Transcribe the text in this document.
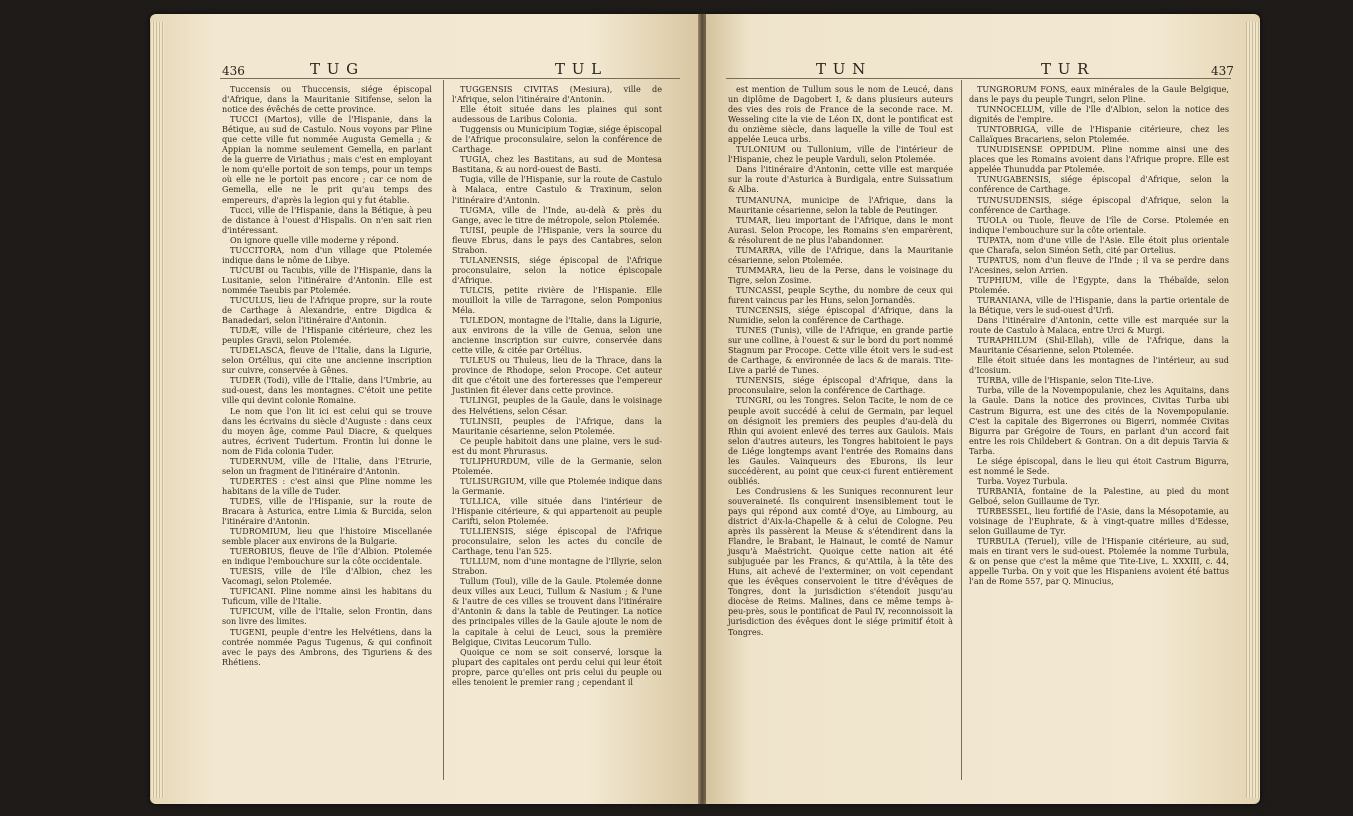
436	T U G	T U L

Tuccensis ou Thuccensis, siége épiscopal d'Afrique, dans la Mauritanie Sitifense, selon la notice des évêchés de cette province.

TUCCI (Martos), ville de l'Hispanie, dans la Bétique, au sud de Castulo. Nous voyons par Pline que cette ville fut nommée Augusta Gemella ; & Appian la nomme seulement Gemella, en parlant de la guerre de Viriathus ; mais c'est en employant le nom qu'elle portoit de son temps, pour un temps où elle ne le portoit pas encore ; car ce nom de Gemella, elle ne le prit qu'au temps des empereurs, d'après la legion qui y fut établie.

Tucci, ville de l'Hispanie, dans la Bétique, à peu de distance à l'ouest d'Hispalis. On n'en sait rien d'intéressant.

On ignore quelle ville moderne y répond.

TUCCITORA, nom d'un village que Ptolemée indique dans le nôme de Libye.

TUCUBI ou Tacubis, ville de l'Hispanie, dans la Lusitanie, selon l'itinéraire d'Antonin. Elle est nommée Taeubis par Ptolemée.

TUCULUS, lieu de l'Afrique propre, sur la route de Carthage à Alexandrie, entre Digdica & Banadedari, selon l'itinéraire d'Antonin.

TUDÆ, ville de l'Hispanie citérieure, chez les peuples Gravii, selon Ptolemée.

TUDELASCA, fleuve de l'Italie, dans la Ligurie, selon Ortélius, qui cite une ancienne inscription sur cuivre, conservée à Gênes.

TUDER (Todi), ville de l'Italie, dans l'Umbrie, au sud-ouest, dans les montagnes. C'étoit une petite ville qui devint colonie Romaine.

Le nom que l'on lit ici est celui qui se trouve dans les écrivains du siècle d'Auguste : dans ceux du moyen âge, comme Paul Diacre, & quelques autres, écrivent Tudertum. Frontin lui donne le nom de Fida colonia Tuder.

TUDERNUM, ville de l'Italie, dans l'Etrurie, selon un fragment de l'itinéraire d'Antonin.

TUDERTES : c'est ainsi que Pline nomme les habitans de la ville de Tuder.

TUDES, ville de l'Hispanie, sur la route de Bracara à Asturica, entre Limia & Burcida, selon l'itinéraire d'Antonin.

TUDROMIUM, lieu que l'histoire Miscellanée semble placer aux environs de la Bulgarie.

TUEROBIUS, fleuve de l'île d'Albion. Ptolemée en indique l'embouchure sur la côte occidentale.

TUESIS, ville de l'île d'Albion, chez les Vacomagi, selon Ptolemée.

TUFICANI. Pline nomme ainsi les habitans du Tuficum, ville de l'Italie.

TUFICUM, ville de l'Italie, selon Frontin, dans son livre des limites.

TUGENI, peuple d'entre les Helvétiens, dans la contrée nommée Pagus Tugenus, & qui confinoit avec le pays des Ambrons, des Tiguriens & des Rhétiens.

TUGGENSIS CIVITAS (Mesiura), ville de l'Afrique, selon l'itinéraire d'Antonin.

Elle étoit située dans les plaines qui sont audessous de Laribus Colonia.

Tuggensis ou Municipium Togiæ, siége épiscopal de l'Afrique proconsulaire, selon la conférence de Carthage.

TUGIA, chez les Bastitans, au sud de Montesa Bastitana, & au nord-ouest de Basti.

Tugia, ville de l'Hispanie, sur la route de Castulo à Malaca, entre Castulo & Traxinum, selon l'itinéraire d'Antonin.

TUGMA, ville de l'Inde, au-delà & près du Gange, avec le titre de métropole, selon Ptolemée.

TUISI, peuple de l'Hispanie, vers la source du fleuve Ebrus, dans le pays des Cantabres, selon Strabon.

TULANENSIS, siége épiscopal de l'Afrique proconsulaire, selon la notice épiscopale d'Afrique.

TULCIS, petite rivière de l'Hispanie. Elle mouilloit la ville de Tarragone, selon Pomponius Méla.

TULEDON, montagne de l'Italie, dans la Ligurie, aux environs de la ville de Genua, selon une ancienne inscription sur cuivre, conservée dans cette ville, & citée par Ortélius.

TULEUS ou Thuleus, lieu de la Thrace, dans la province de Rhodope, selon Procope. Cet auteur dit que c'étoit une des forteresses que l'empereur Justinien fit élever dans cette province.

TULINGI, peuples de la Gaule, dans le voisinage des Helvétiens, selon César.

TULINSII, peuples de l'Afrique, dans la Mauritanie césarienne, selon Ptolemée.

Ce peuple habitoit dans une plaine, vers le sud-est du mont Phrurasus.

TULIPHURDUM, ville de la Germanie, selon Ptolemée.

TULISURGIUM, ville que Ptolemée indique dans la Germanie.

TULLICA, ville située dans l'intérieur de l'Hispanie citérieure, & qui appartenoit au peuple Carifti, selon Ptolemée.

TULLIENSIS, siége épiscopal de l'Afrique proconsulaire, selon les actes du concile de Carthage, tenu l'an 525.

TULLUM, nom d'une montagne de l'Illyrie, selon Strabon.

Tullum (Toul), ville de la Gaule. Ptolemée donne deux villes aux Leuci, Tullum & Nasium ; & l'une & l'autre de ces villes se trouvent dans l'itinéraire d'Antonin & dans la table de Peutinger. La notice des principales villes de la Gaule ajoute le nom de la capitale à celui de Leuci, sous la première Belgique, Civitas Leucorum Tullo.

Quoique ce nom se soit conservé, lorsque la plupart des capitales ont perdu celui qui leur étoit propre, parce qu'elles ont pris celui du peuple ou elles tenoient le premier rang ; cependant il

T U N	T U R	437

est mention de Tullum sous le nom de Leucé, dans un diplôme de Dagobert I, & dans plusieurs auteurs des vies des rois de France de la seconde race. M. Wesseling cite la vie de Léon IX, dont le pontificat est du onzième siècle, dans laquelle la ville de Toul est appelée Leuca urbs.

TULONIUM ou Tullonium, ville de l'intérieur de l'Hispanie, chez le peuple Varduli, selon Ptolemée.

Dans l'itinéraire d'Antonin, cette ville est marquée sur la route d'Asturica à Burdigala, entre Suissatium & Alba.

TUMANUNA, municipe de l'Afrique, dans la Mauritanie césarienne, selon la table de Peutinger.

TUMAR, lieu important de l'Afrique, dans le mont Aurasi. Selon Procope, les Romains s'en emparèrent, & résolurent de ne plus l'abandonner.

TUMARRA, ville de l'Afrique, dans la Mauritanie césarienne, selon Ptolemée.

TUMMARA, lieu de la Perse, dans le voisinage du Tigre, selon Zosime.

TUNCASSI, peuple Scythe, du nombre de ceux qui furent vaincus par les Huns, selon Jornandès.

TUNCENSIS, siége épiscopal d'Afrique, dans la Numidie, selon la conférence de Carthage.

TUNES (Tunis), ville de l'Afrique, en grande partie sur une colline, à l'ouest & sur le bord du port nommé Stagnum par Procope. Cette ville étoit vers le sud-est de Carthage, & environnée de lacs & de marais. Tite-Live a parlé de Tunes.

TUNENSIS, siége épiscopal d'Afrique, dans la proconsulaire, selon la conférence de Carthage.

TUNGRI, ou les Tongres. Selon Tacite, le nom de ce peuple avoit succédé à celui de Germain, par lequel on désignoit les premiers des peuples d'au-delà du Rhin qui avoient enlevé des terres aux Gaulois. Mais selon d'autres auteurs, les Tongres habitoient le pays de Liége longtemps avant l'entrée des Romains dans les Gaules. Vainqueurs des Eburons, ils leur succédèrent, au point que ceux-ci furent entièrement oubliés.

Les Condrusiens & les Suniques reconnurent leur souveraineté. Ils conquirent insensiblement tout le pays qui répond aux comté d'Oye, au Limbourg, au district d'Aix-la-Chapelle & à celui de Cologne. Peu après ils passèrent la Meuse & s'étendirent dans la Flandre, le Brabant, le Hainaut, le comté de Namur jusqu'à Maëstricht. Quoique cette nation ait été subjuguée par les Francs, & qu'Attila, à la tête des Huns, ait achevé de l'exterminer, on voit cependant que les évêques conservoient le titre d'évêques de Tongres, dont la jurisdiction s'étendoit jusqu'au diocèse de Reims. Malines, dans ce même temps à-peu-près, sous le pontificat de Paul IV, reconnoissoit la jurisdiction des évêques dont le siége primitif étoit à Tongres.

TUNGRORUM FONS, eaux minérales de la Gaule Belgique, dans le pays du peuple Tungri, selon Pline.

TUNNOCELUM, ville de l'île d'Albion, selon la notice des dignités de l'empire.

TUNTOBRIGA, ville de l'Hispanie citérieure, chez les Callaïques Bracariens, selon Ptolemée.

TUNUDISENSE OPPIDUM. Pline nomme ainsi une des places que les Romains avoient dans l'Afrique propre. Elle est appelée Thunudda par Ptolemée.

TUNUGABENSIS, siége épiscopal d'Afrique, selon la conférence de Carthage.

TUNUSUDENSIS, siége épiscopal d'Afrique, selon la conférence de Carthage.

TUOLA ou Tuole, fleuve de l'île de Corse. Ptolemée en indique l'embouchure sur la côte orientale.

TUPATA, nom d'une ville de l'Asie. Elle étoit plus orientale que Charafa, selon Siméon Seth, cité par Ortelius.

TUPATUS, nom d'un fleuve de l'Inde ; il va se perdre dans l'Acesines, selon Arrien.

TUPHIUM, ville de l'Egypte, dans la Thébaïde, selon Ptolemée.

TURANIANA, ville de l'Hispanie, dans la partie orientale de la Bétique, vers le sud-ouest d'Urfi.

Dans l'itinéraire d'Antonin, cette ville est marquée sur la route de Castulo à Malaca, entre Urci & Murgi.

TURAPHILUM (Shil-Ellah), ville de l'Afrique, dans la Mauritanie Césarienne, selon Ptolemée.

Elle étoit située dans les montagnes de l'intérieur, au sud d'Icosium.

TURBA, ville de l'Hispanie, selon Tite-Live.

Turba, ville de la Novempopulanie, chez les Aquitains, dans la Gaule. Dans la notice des provinces, Civitas Turba ubi Castrum Bigurra, est une des cités de la Novempopulanie. C'est la capitale des Bigerrones ou Bigerri, nommée Civitas Bigurra par Grégoire de Tours, en parlant d'un accord fait entre les rois Childebert & Gontran. On a dit depuis Tarvia & Tarba.

Le siége épiscopal, dans le lieu qui étoit Castrum Bigurra, est nommé le Sede.

Turba. Voyez Turbula.

TURBANIA, fontaine de la Palestine, au pied du mont Gelboé, selon Guillaume de Tyr.

TURBESSEL, lieu fortifié de l'Asie, dans la Mésopotamie, au voisinage de l'Euphrate, & à vingt-quatre milles d'Edesse, selon Guillaume de Tyr.

TURBULA (Teruel), ville de l'Hispanie citérieure, au sud, mais en tirant vers le sud-ouest. Ptolemée la nomme Turbula, & on pense que c'est la même que Tite-Live, L. XXXIII, c. 44, appelle Turba. On y voit que les Hispaniens avoient été battus l'an de Rome 557, par Q. Minucius,
